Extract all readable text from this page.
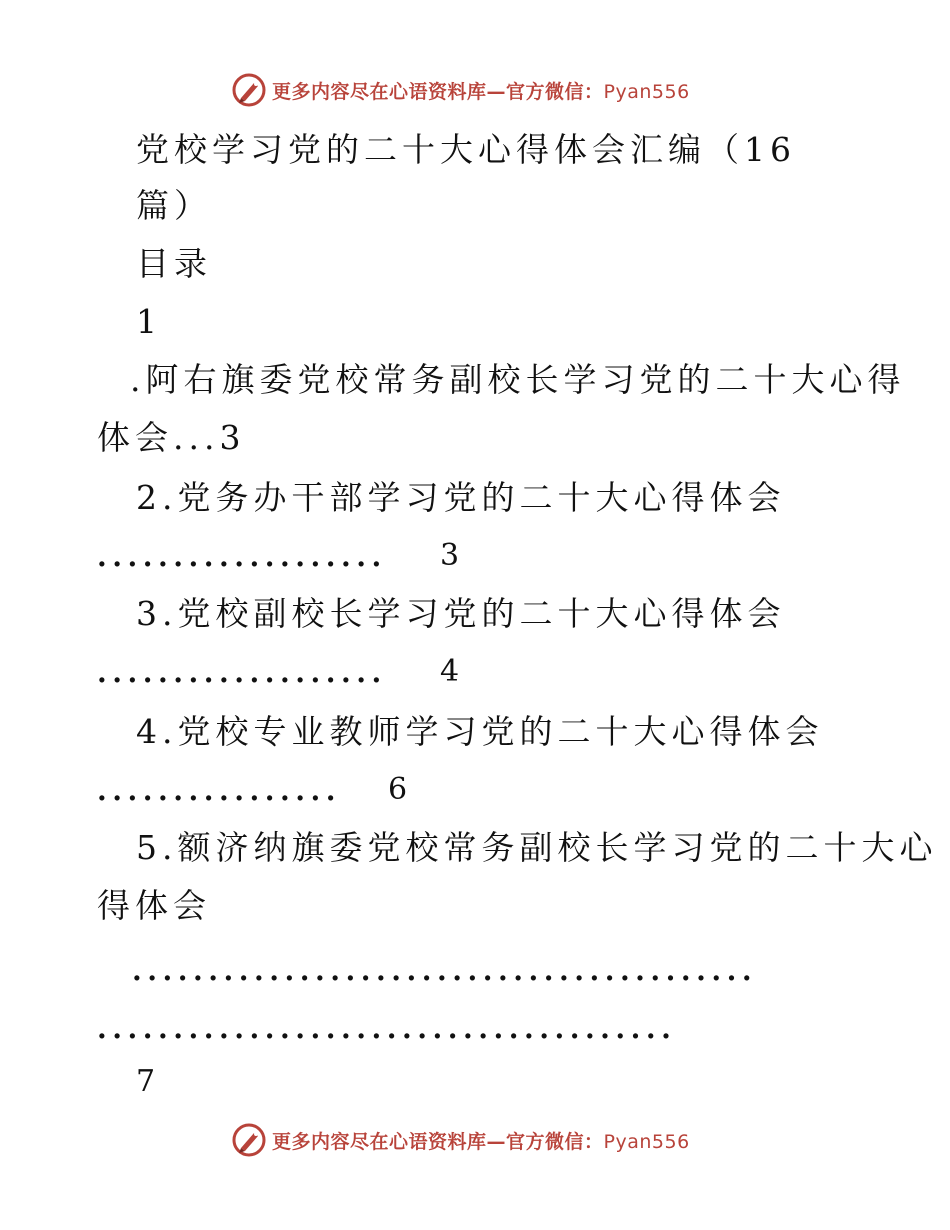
更多内容尽在心语资料库—官方微信：Pyan556
党校学习党的二十大心得体会汇编（16
篇）
目录
1
.阿右旗委党校常务副校长学习党的二十大心得
体会...3
2.党务办干部学习党的二十大心得体会
................... 3
3.党校副校长学习党的二十大心得体会
................... 4
4.党校专业教师学习党的二十大心得体会
................ 6
5.额济纳旗委党校常务副校长学习党的二十大心
得体会
.........................................
......................................
7
更多内容尽在心语资料库—官方微信：Pyan556
